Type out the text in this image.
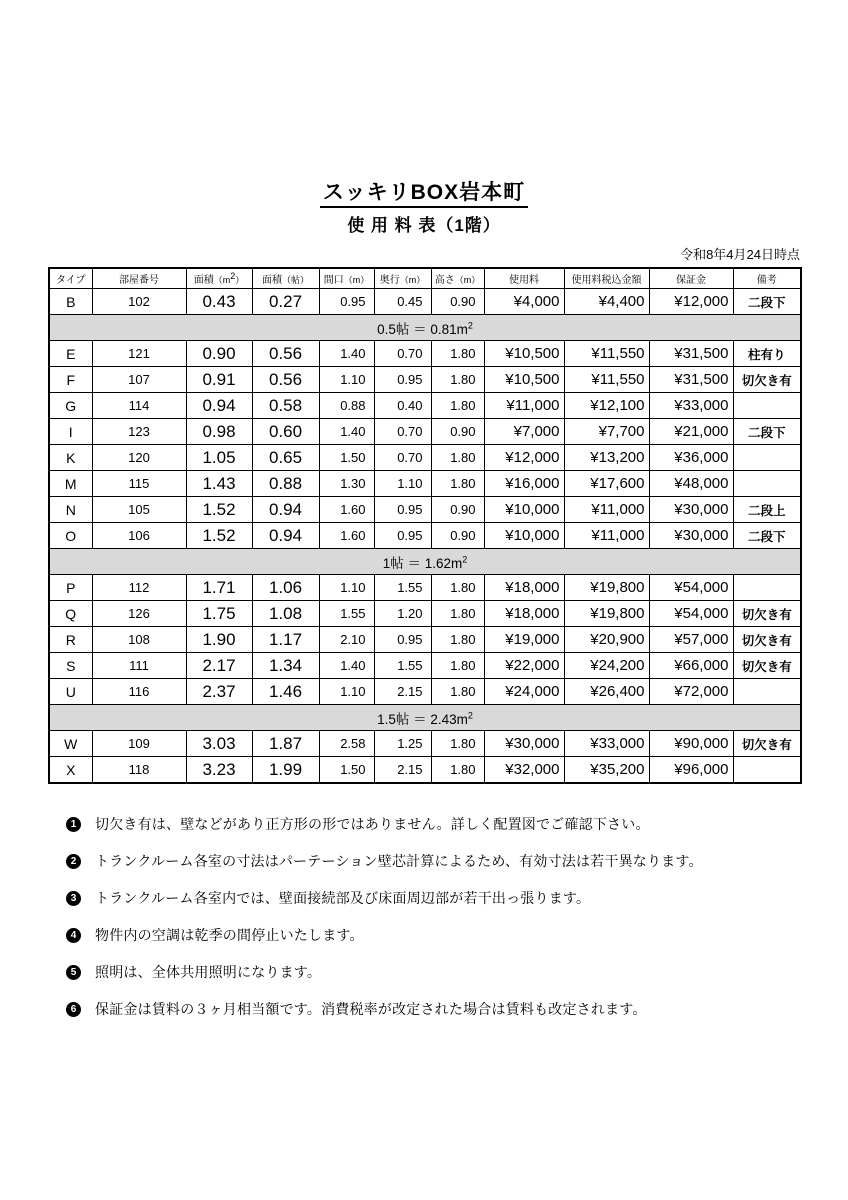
スッキリBOX岩本町
使 用 料 表（1階）
令和8年4月24日時点
タイプ	部屋番号	面積$(m^2)$	面積（帖）	間口（m）	奥行（m）	高さ（m）	使用料	使用料税込金額	保証金	備考
B	102	0.43	0.27	0.95	0.45	0.90	¥4,000	¥4,400	¥12,000	二段下
0.5帖 ＝ $0.81m^2$
E	121	0.90	0.56	1.40	0.70	1.80	¥10,500	¥11,550	¥31,500	柱有り
F	107	0.91	0.56	1.10	0.95	1.80	¥10,500	¥11,550	¥31,500	切欠き有
G	114	0.94	0.58	0.88	0.40	1.80	¥11,000	¥12,100	¥33,000	
I	123	0.98	0.60	1.40	0.70	0.90	¥7,000	¥7,700	¥21,000	二段下
K	120	1.05	0.65	1.50	0.70	1.80	¥12,000	¥13,200	¥36,000	
M	115	1.43	0.88	1.30	1.10	1.80	¥16,000	¥17,600	¥48,000	
N	105	1.52	0.94	1.60	0.95	0.90	¥10,000	¥11,000	¥30,000	二段上
O	106	1.52	0.94	1.60	0.95	0.90	¥10,000	¥11,000	¥30,000	二段下
1帖 ＝ $1.62m^2$
P	112	1.71	1.06	1.10	1.55	1.80	¥18,000	¥19,800	¥54,000	
Q	126	1.75	1.08	1.55	1.20	1.80	¥18,000	¥19,800	¥54,000	切欠き有
R	108	1.90	1.17	2.10	0.95	1.80	¥19,000	¥20,900	¥57,000	切欠き有
S	111	2.17	1.34	1.40	1.55	1.80	¥22,000	¥24,200	¥66,000	切欠き有
U	116	2.37	1.46	1.10	2.15	1.80	¥24,000	¥26,400	¥72,000	
1.5帖 ＝ $2.43m^2$
W	109	3.03	1.87	2.58	1.25	1.80	¥30,000	¥33,000	¥90,000	切欠き有
X	118	3.23	1.99	1.50	2.15	1.80	¥32,000	¥35,200	¥96,000	
1	切欠き有は、壁などがあり正方形の形ではありません。詳しく配置図でご確認下さい。
2	トランクルーム各室の寸法はパーテーション壁芯計算によるため、有効寸法は若干異なります。
3	トランクルーム各室内では、壁面接続部及び床面周辺部が若干出っ張ります。
4	物件内の空調は乾季の間停止いたします。
5	照明は、全体共用照明になります。
6	保証金は賃料の３ヶ月相当額です。消費税率が改定された場合は賃料も改定されます。
